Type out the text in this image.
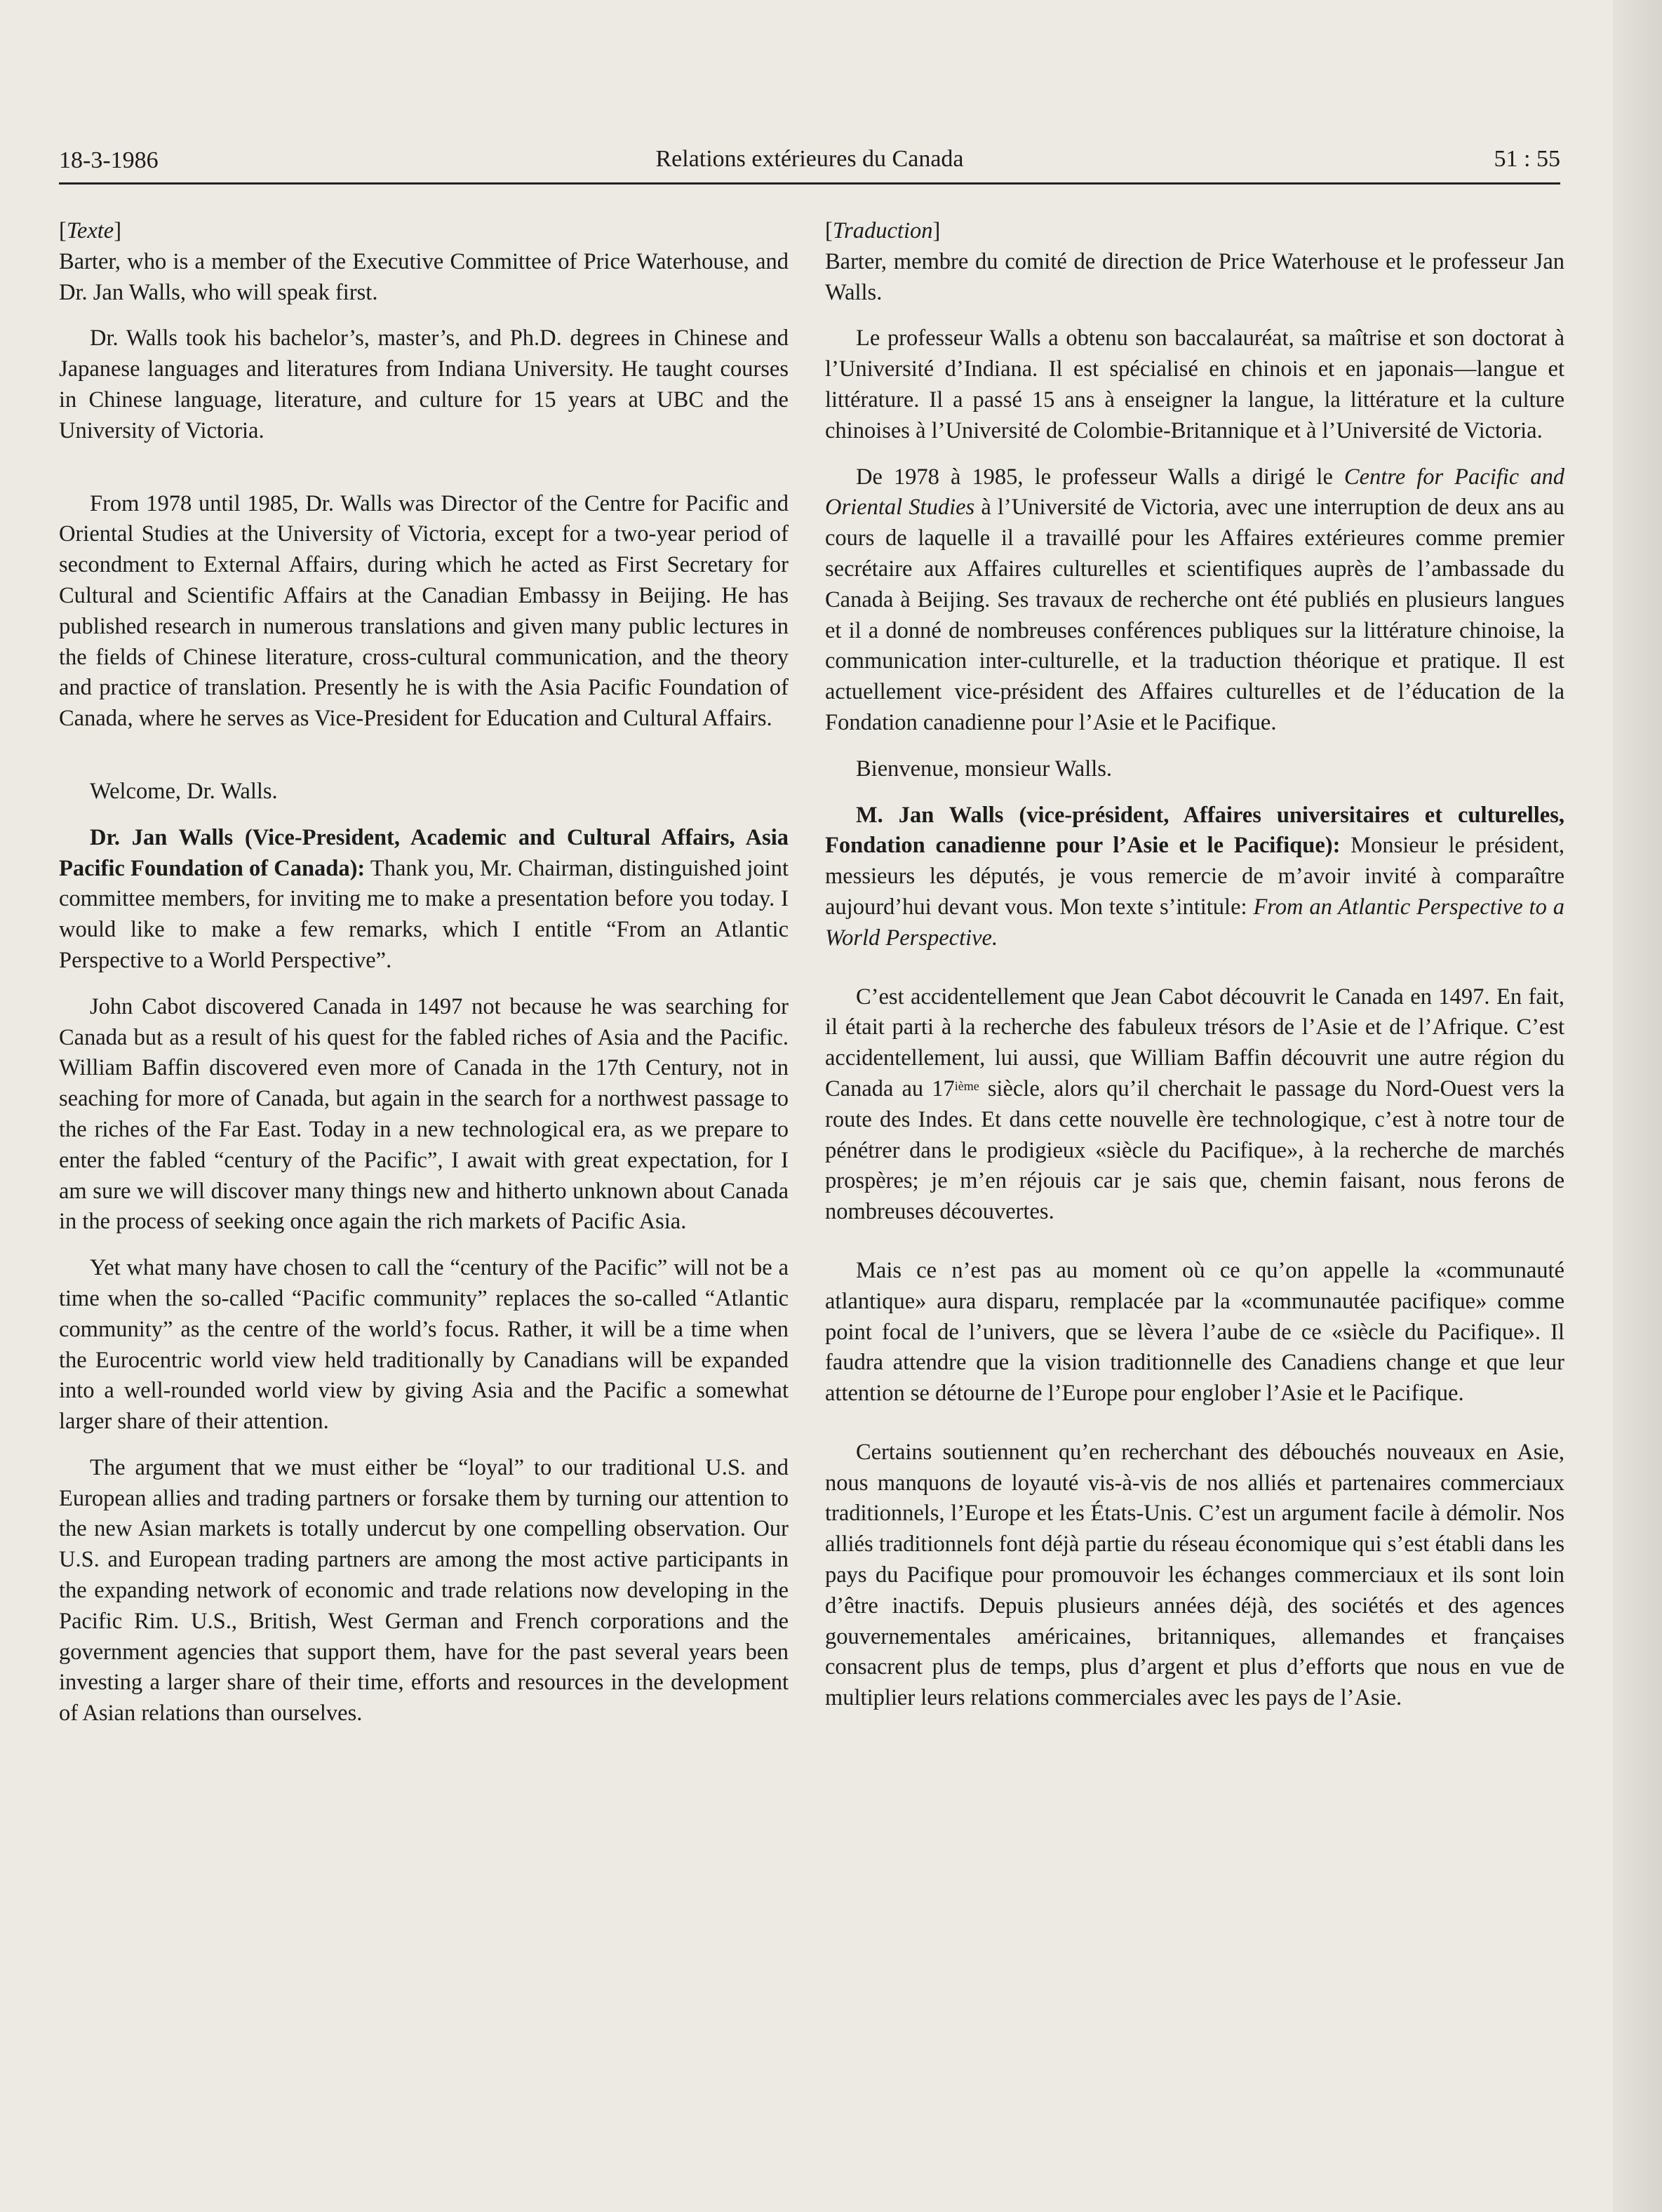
18-3-1986	Relations extérieures du Canada	51 : 55

[Texte]

Barter, who is a member of the Executive Committee of Price Waterhouse, and Dr. Jan Walls, who will speak first.

Dr. Walls took his bachelor’s, master’s, and Ph.D. degrees in Chinese and Japanese languages and literatures from Indiana University. He taught courses in Chinese language, literature, and culture for 15 years at UBC and the University of Victoria.

From 1978 until 1985, Dr. Walls was Director of the Centre for Pacific and Oriental Studies at the University of Victoria, except for a two-year period of secondment to External Affairs, during which he acted as First Secretary for Cultural and Scientific Affairs at the Canadian Embassy in Beijing. He has published research in numerous translations and given many public lectures in the fields of Chinese literature, cross-cultural communication, and the theory and practice of translation. Presently he is with the Asia Pacific Foundation of Canada, where he serves as Vice-President for Education and Cultural Affairs.

Welcome, Dr. Walls.

Dr. Jan Walls (Vice-President, Academic and Cultural Affairs, Asia Pacific Foundation of Canada): Thank you, Mr. Chairman, distinguished joint committee members, for inviting me to make a presentation before you today. I would like to make a few remarks, which I entitle “From an Atlantic Perspective to a World Perspective”.

John Cabot discovered Canada in 1497 not because he was searching for Canada but as a result of his quest for the fabled riches of Asia and the Pacific. William Baffin discovered even more of Canada in the 17th Century, not in seaching for more of Canada, but again in the search for a northwest passage to the riches of the Far East. Today in a new technological era, as we prepare to enter the fabled “century of the Pacific”, I await with great expectation, for I am sure we will discover many things new and hitherto unknown about Canada in the process of seeking once again the rich markets of Pacific Asia.

Yet what many have chosen to call the “century of the Pacific” will not be a time when the so-called “Pacific community” replaces the so-called “Atlantic community” as the centre of the world’s focus. Rather, it will be a time when the Eurocentric world view held traditionally by Canadians will be expanded into a well-rounded world view by giving Asia and the Pacific a somewhat larger share of their attention.

The argument that we must either be “loyal” to our traditional U.S. and European allies and trading partners or forsake them by turning our attention to the new Asian markets is totally undercut by one compelling observation. Our U.S. and European trading partners are among the most active participants in the expanding network of economic and trade relations now developing in the Pacific Rim. U.S., British, West German and French corporations and the government agencies that support them, have for the past several years been investing a larger share of their time, efforts and resources in the development of Asian relations than ourselves.

[Traduction]

Barter, membre du comité de direction de Price Waterhouse et le professeur Jan Walls.

Le professeur Walls a obtenu son baccalauréat, sa maîtrise et son doctorat à l’Université d’Indiana. Il est spécialisé en chinois et en japonais—langue et littérature. Il a passé 15 ans à enseigner la langue, la littérature et la culture chinoises à l’Université de Colombie-Britannique et à l’Université de Victoria.

De 1978 à 1985, le professeur Walls a dirigé le Centre for Pacific and Oriental Studies à l’Université de Victoria, avec une interruption de deux ans au cours de laquelle il a travaillé pour les Affaires extérieures comme premier secrétaire aux Affaires culturelles et scientifiques auprès de l’ambassade du Canada à Beijing. Ses travaux de recherche ont été publiés en plusieurs langues et il a donné de nombreuses conférences publiques sur la littérature chinoise, la communication inter-culturelle, et la traduction théorique et pratique. Il est actuellement vice-président des Affaires culturelles et de l’éducation de la Fondation canadienne pour l’Asie et le Pacifique.

Bienvenue, monsieur Walls.

M. Jan Walls (vice-président, Affaires universitaires et culturelles, Fondation canadienne pour l’Asie et le Pacifique): Monsieur le président, messieurs les députés, je vous remercie de m’avoir invité à comparaître aujourd’hui devant vous. Mon texte s’intitule: From an Atlantic Perspective to a World Perspective.

C’est accidentellement que Jean Cabot découvrit le Canada en 1497. En fait, il était parti à la recherche des fabuleux trésors de l’Asie et de l’Afrique. C’est accidentellement, lui aussi, que William Baffin découvrit une autre région du Canada au 17ième siècle, alors qu’il cherchait le passage du Nord-Ouest vers la route des Indes. Et dans cette nouvelle ère technologique, c’est à notre tour de pénétrer dans le prodigieux «siècle du Pacifique», à la recherche de marchés prospères; je m’en réjouis car je sais que, chemin faisant, nous ferons de nombreuses découvertes.

Mais ce n’est pas au moment où ce qu’on appelle la «communauté atlantique» aura disparu, remplacée par la «communautée pacifique» comme point focal de l’univers, que se lèvera l’aube de ce «siècle du Pacifique». Il faudra attendre que la vision traditionnelle des Canadiens change et que leur attention se détourne de l’Europe pour englober l’Asie et le Pacifique.

Certains soutiennent qu’en recherchant des débouchés nouveaux en Asie, nous manquons de loyauté vis-à-vis de nos alliés et partenaires commerciaux traditionnels, l’Europe et les États-Unis. C’est un argument facile à démolir. Nos alliés traditionnels font déjà partie du réseau économique qui s’est établi dans les pays du Pacifique pour promouvoir les échanges commerciaux et ils sont loin d’être inactifs. Depuis plusieurs années déjà, des sociétés et des agences gouvernementales américaines, britanniques, allemandes et françaises consacrent plus de temps, plus d’argent et plus d’efforts que nous en vue de multiplier leurs relations commerciales avec les pays de l’Asie.
